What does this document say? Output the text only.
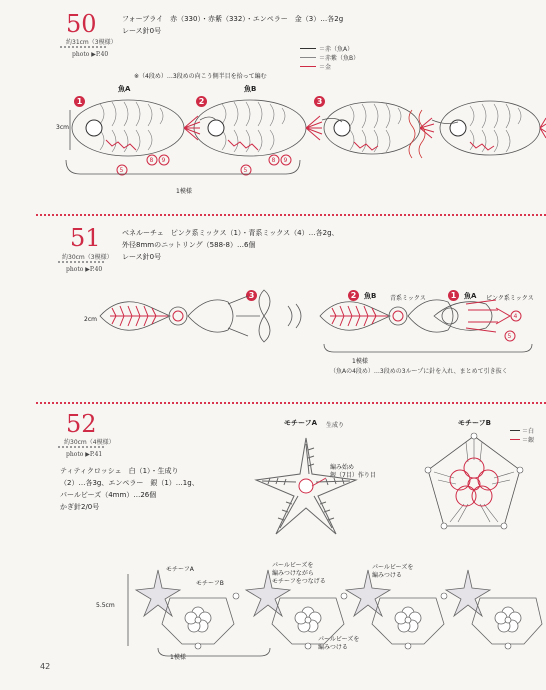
50
約31cm（3模様）
photo ▶P.40
フォーブライ　赤（330）・赤紫（332）・エンペラー　金（3）…各2g
レース針0号
＝赤（魚A）
＝赤紫（魚B）
＝金
※（4段め）…3段めの向こう側半目を拾って編む
魚A	魚B
3cm
1模様
1	2	3
8 9
5
8 9
5
51
約30cm（3模様）
photo ▶P.40
ベネルーチェ　ピンク系ミックス（1）・青系ミックス（4）…各2g、
外径8mmのニットリング（588-8）…6個
レース針0号
2cm
3	2	魚B 青系ミックス	1	魚A ピンク系ミックス
4
5
1模様
（魚Aの4段め）…3段めの3ループに針を入れ、まとめて引き抜く
52
約30cm（4模様）
photo ▶P.41
ティティクロッシェ　白（1）・生成り
（2）…各3g、エンペラー　銀（1）…1g、
パールビーズ（4mm）…26個
かぎ針2/0号
モチーフA 生成り	モチーフB
＝白
＝銀
編み始め
銀（7目）作り目
モチーフA
モチーフB
パールビーズを
編みつけながら
モチーフをつなげる
パールビーズを
編みつける
パールビーズを
編みつける
5.5cm
1模様
42
